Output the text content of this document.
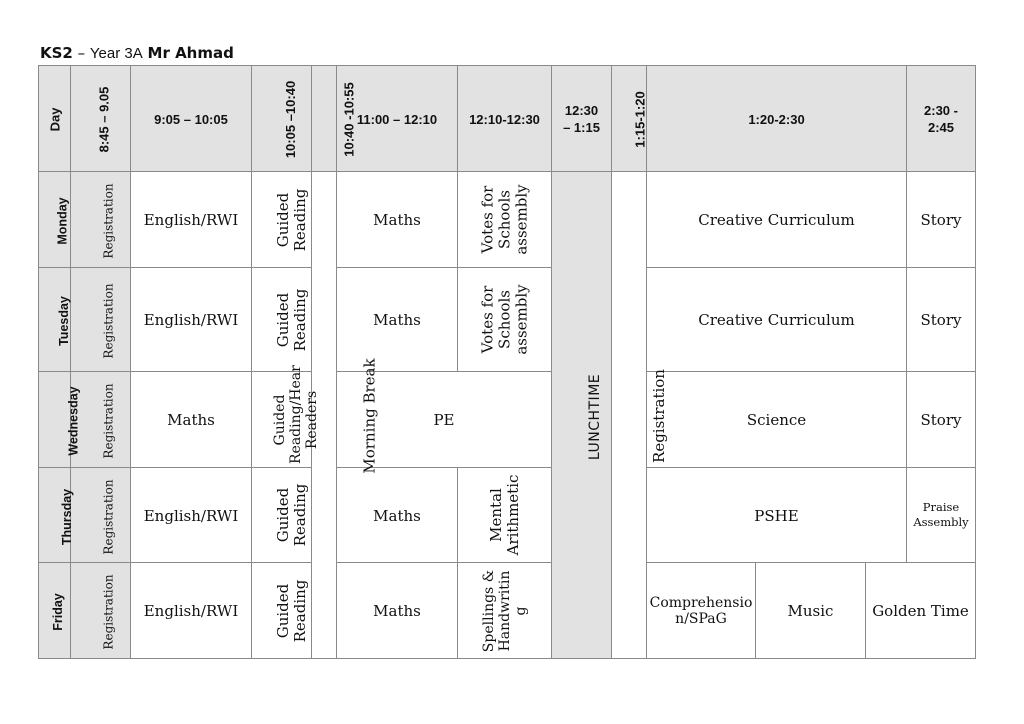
KS2 – Year 3A Mr Ahmad
Day	8:45 – 9.05	9:05 – 10:05	10:05 –10:40	10:40 -10:55	11:00 – 12:10	12:10-12:30	12:30 – 1:15	1:15-1:20	1:20-2:30			2:30 - 2:45
Monday	Registration	English/RWI	Guided Reading	Morning Break	Maths	Votes for Schools assembly	LUNCHTIME	Registration	Creative Curriculum			Story
Tuesday	Registration	English/RWI	Guided Reading		Maths	Votes for Schools assembly			Creative Curriculum			Story
Wednesday	Registration	Maths	Guided Reading/Hear Readers		PE				Science			Story
Thursday	Registration	English/RWI	Guided Reading		Maths	Mental Arithmetic			PSHE			Praise Assembly
Friday	Registration	English/RWI	Guided Reading		Maths	Spellings & Handwriting			Comprehension/SPaG	Music	Golden Time	
